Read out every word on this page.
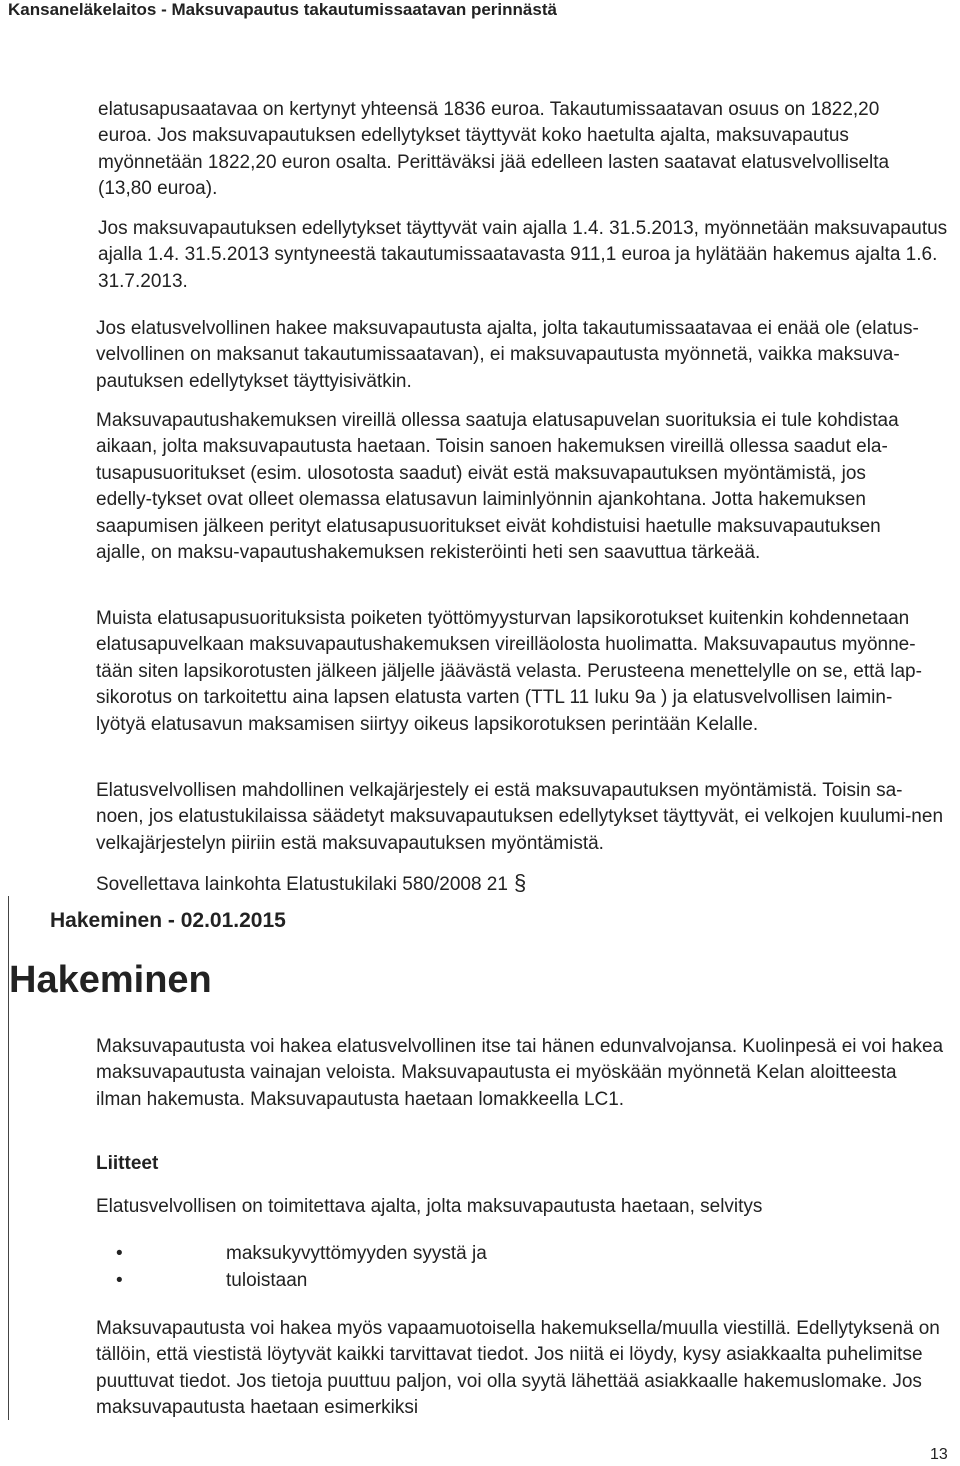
Kansaneläkelaitos - Maksuvapautus takautumissaatavan perinnästä

elatusapusaatavaa on kertynyt yhteensä 1836 euroa. Takautumissaatavan osuus on 1822,20 euroa. Jos maksuvapautuksen edellytykset täyttyvät koko haetulta ajalta, maksuvapautus myönnetään 1822,20 euron osalta. Perittäväksi jää edelleen lasten saatavat elatusvelvolliselta (13,80 euroa).

Jos maksuvapautuksen edellytykset täyttyvät vain ajalla 1.4. 31.5.2013, myönnetään maksuvapautus ajalla 1.4. 31.5.2013 syntyneestä takautumissaatavasta 911,1 euroa ja hylätään hakemus ajalta 1.6. 31.7.2013.

Jos elatusvelvollinen hakee maksuvapautusta ajalta, jolta takautumissaatavaa ei enää ole (elatus-velvollinen on maksanut takautumissaatavan), ei maksuvapautusta myönnetä, vaikka maksuva-pautuksen edellytykset täyttyisivätkin.

Maksuvapautushakemuksen vireillä ollessa saatuja elatusapuvelan suorituksia ei tule kohdistaa aikaan, jolta maksuvapautusta haetaan. Toisin sanoen hakemuksen vireillä ollessa saadut ela-tusapusuoritukset (esim. ulosotosta saadut) eivät estä maksuvapautuksen myöntämistä, jos edelly-tykset ovat olleet olemassa elatusavun laiminlyönnin ajankohtana. Jotta hakemuksen saapumisen jälkeen perityt elatusapusuoritukset eivät kohdistuisi haetulle maksuvapautuksen ajalle, on maksu-vapautushakemuksen rekisteröinti heti sen saavuttua tärkeää.

Muista elatusapusuorituksista poiketen työttömyysturvan lapsikorotukset kuitenkin kohdennetaan elatusapuvelkaan maksuvapautushakemuksen vireilläolosta huolimatta. Maksuvapautus myönne-tään siten lapsikorotusten jälkeen jäljelle jäävästä velasta. Perusteena menettelylle on se, että lap-sikorotus on tarkoitettu aina lapsen elatusta varten (TTL 11 luku 9a ) ja elatusvelvollisen laimin-lyötyä elatusavun maksamisen siirtyy oikeus lapsikorotuksen perintään Kelalle.

Elatusvelvollisen mahdollinen velkajärjestely ei estä maksuvapautuksen myöntämistä. Toisin sa-noen, jos elatustukilaissa säädetyt maksuvapautuksen edellytykset täyttyvät, ei velkojen kuulumi-nen velkajärjestelyn piiriin estä maksuvapautuksen myöntämistä.

Sovellettava lainkohta Elatustukilaki 580/2008 21 §

Hakeminen - 02.01.2015
Hakeminen

Maksuvapautusta voi hakea elatusvelvollinen itse tai hänen edunvalvojansa. Kuolinpesä ei voi hakea maksuvapautusta vainajan veloista. Maksuvapautusta ei myöskään myönnetä Kelan aloitteesta ilman hakemusta. Maksuvapautusta haetaan lomakkeella LC1.

Liitteet

Elatusvelvollisen on toimitettava ajalta, jolta maksuvapautusta haetaan, selvitys

•	maksukyvyttömyyden syystä ja
•	tuloistaan

Maksuvapautusta voi hakea myös vapaamuotoisella hakemuksella/muulla viestillä. Edellytyksenä on tällöin, että viestistä löytyvät kaikki tarvittavat tiedot. Jos niitä ei löydy, kysy asiakkaalta puhelimitse puuttuvat tiedot. Jos tietoja puuttuu paljon, voi olla syytä lähettää asiakkaalle hakemuslomake. Jos maksuvapautusta haetaan esimerkiksi

13
